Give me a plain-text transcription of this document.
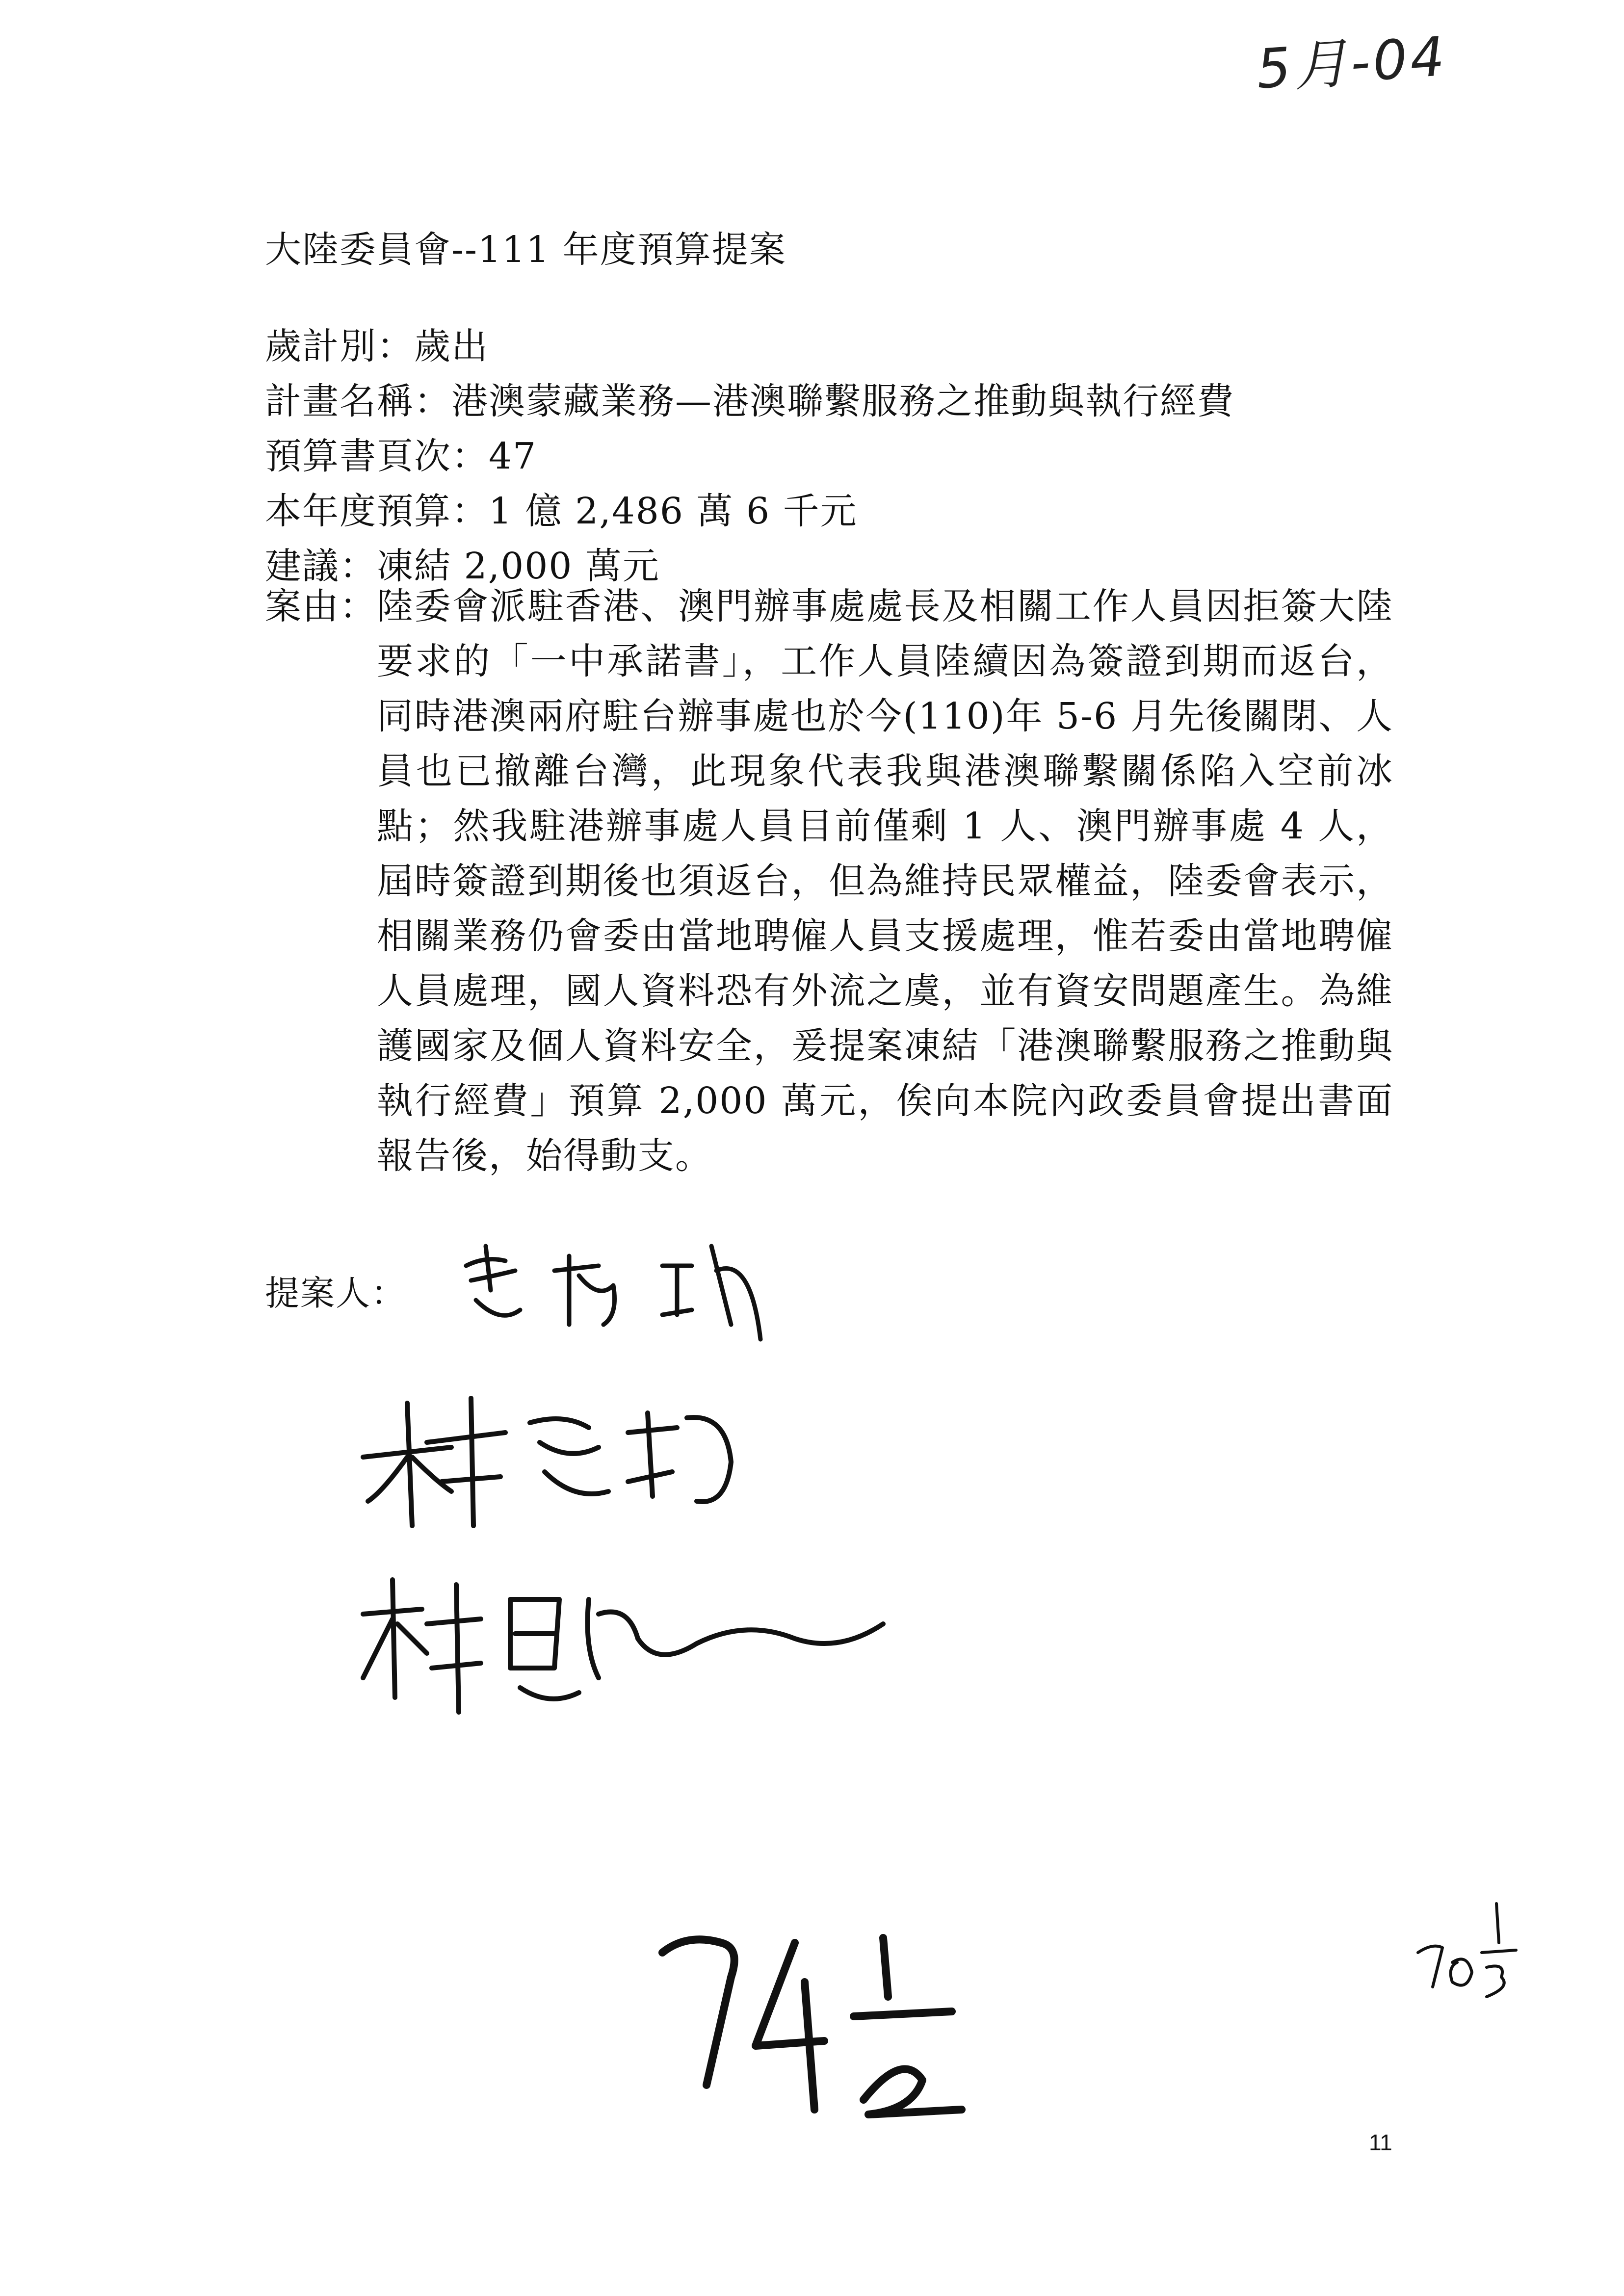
5月-04
大陸委員會--111 年度預算提案
歲計別：歲出
計畫名稱：港澳蒙藏業務—港澳聯繫服務之推動與執行經費
預算書頁次：47
本年度預算：1 億 2,486 萬 6 千元
建議：凍結 2,000 萬元
案由： 陸委會派駐香港、澳門辦事處處長及相關工作人員因拒簽大陸要求的「一中承諾書」，工作人員陸續因為簽證到期而返台，同時港澳兩府駐台辦事處也於今(110)年 5-6 月先後關閉、人員也已撤離台灣，此現象代表我與港澳聯繫關係陷入空前冰點；然我駐港辦事處人員目前僅剩 1 人、澳門辦事處 4 人，屆時簽證到期後也須返台，但為維持民眾權益，陸委會表示，相關業務仍會委由當地聘僱人員支援處理，惟若委由當地聘僱人員處理，國人資料恐有外流之虞，並有資安問題產生。為維護國家及個人資料安全，爰提案凍結「港澳聯繫服務之推動與執行經費」預算 2,000 萬元，俟向本院內政委員會提出書面報告後，始得動支。
提案人：
11
